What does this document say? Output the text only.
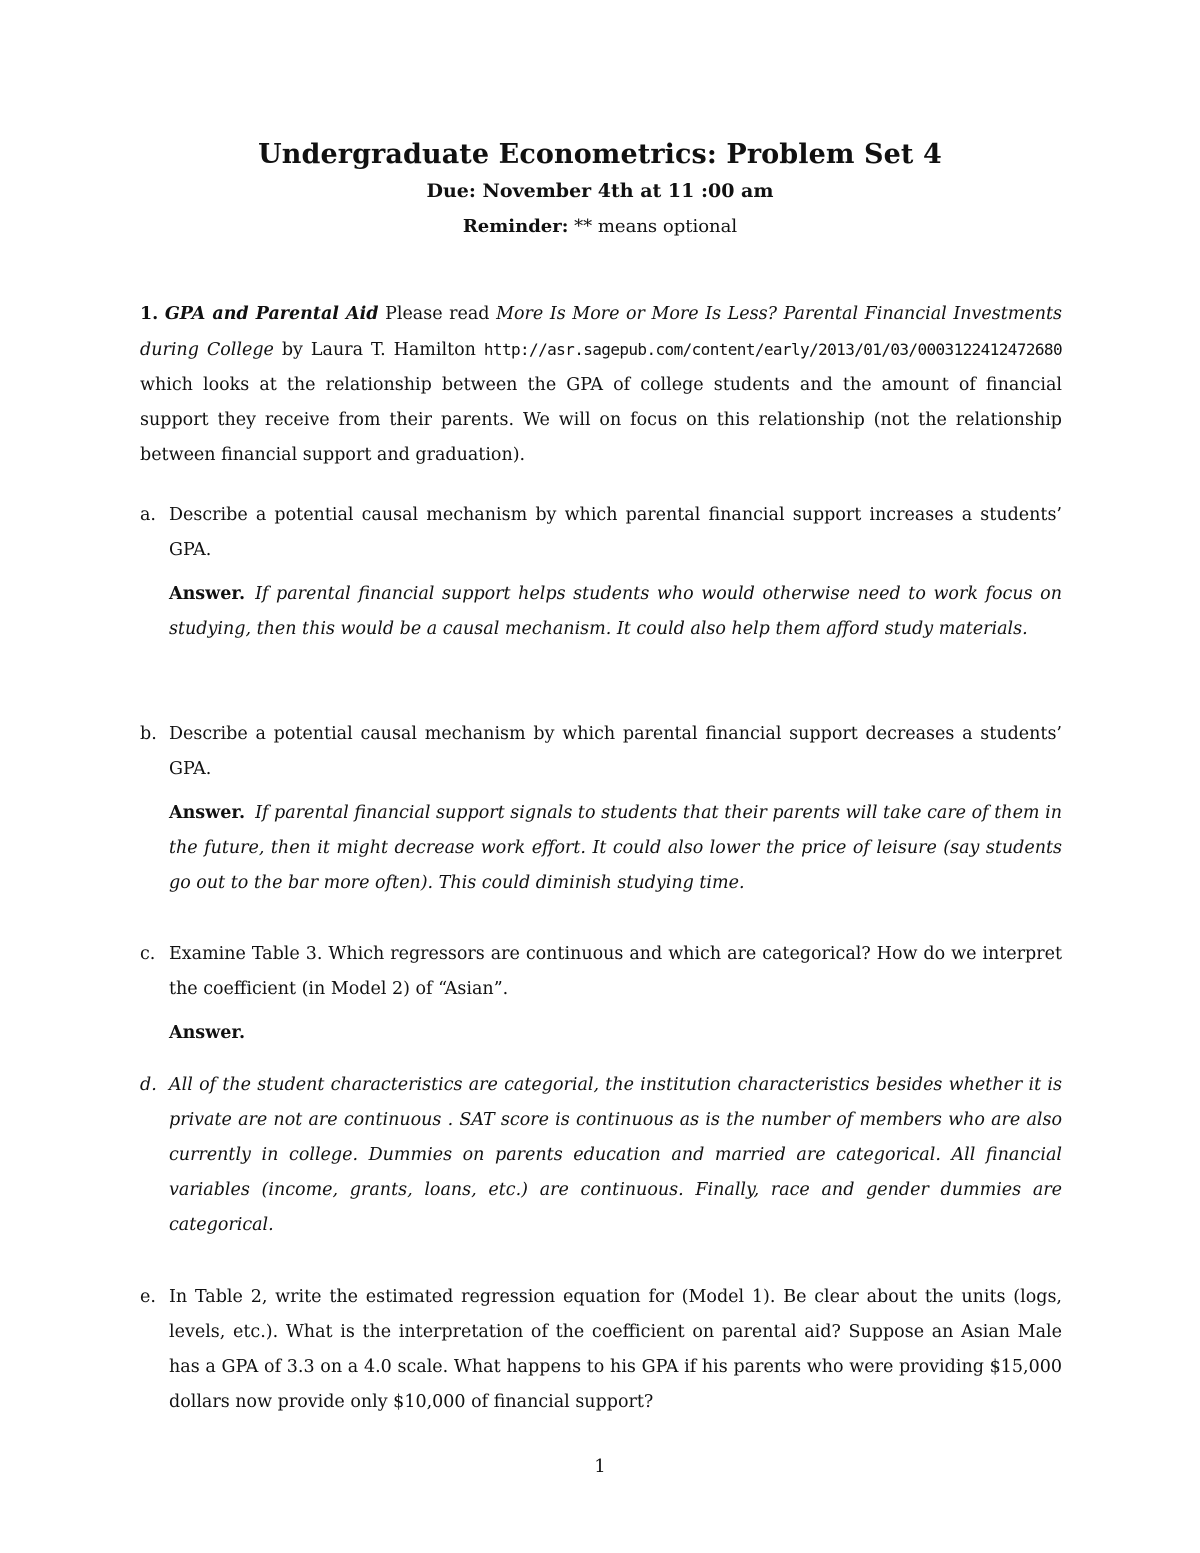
Undergraduate Econometrics: Problem Set 4
Due: November 4th at 11 :00 am
Reminder: ** means optional
1. GPA and Parental Aid Please read More Is More or More Is Less? Parental Financial Investments during College by Laura T. Hamilton http://asr.sagepub.com/content/early/2013/01/03/0003122412472680 which looks at the relationship between the GPA of college students and the amount of financial support they receive from their parents. We will on focus on this relationship (not the relationship between financial support and graduation).
a. Describe a potential causal mechanism by which parental financial support increases a students’ GPA.
Answer. If parental financial support helps students who would otherwise need to work focus on studying, then this would be a causal mechanism. It could also help them afford study materials.
b. Describe a potential causal mechanism by which parental financial support decreases a students’ GPA.
Answer. If parental financial support signals to students that their parents will take care of them in the future, then it might decrease work effort. It could also lower the price of leisure (say students go out to the bar more often). This could diminish studying time.
c. Examine Table 3. Which regressors are continuous and which are categorical? How do we interpret the coefficient (in Model 2) of “Asian”.
Answer.
d. All of the student characteristics are categorial, the institution characteristics besides whether it is private are not are continuous . SAT score is continuous as is the number of members who are also currently in college. Dummies on parents education and married are categorical. All financial variables (income, grants, loans, etc.) are continuous. Finally, race and gender dummies are categorical.
e. In Table 2, write the estimated regression equation for (Model 1). Be clear about the units (logs, levels, etc.). What is the interpretation of the coefficient on parental aid? Suppose an Asian Male has a GPA of 3.3 on a 4.0 scale. What happens to his GPA if his parents who were providing $15,000 dollars now provide only $10,000 of financial support?
1
